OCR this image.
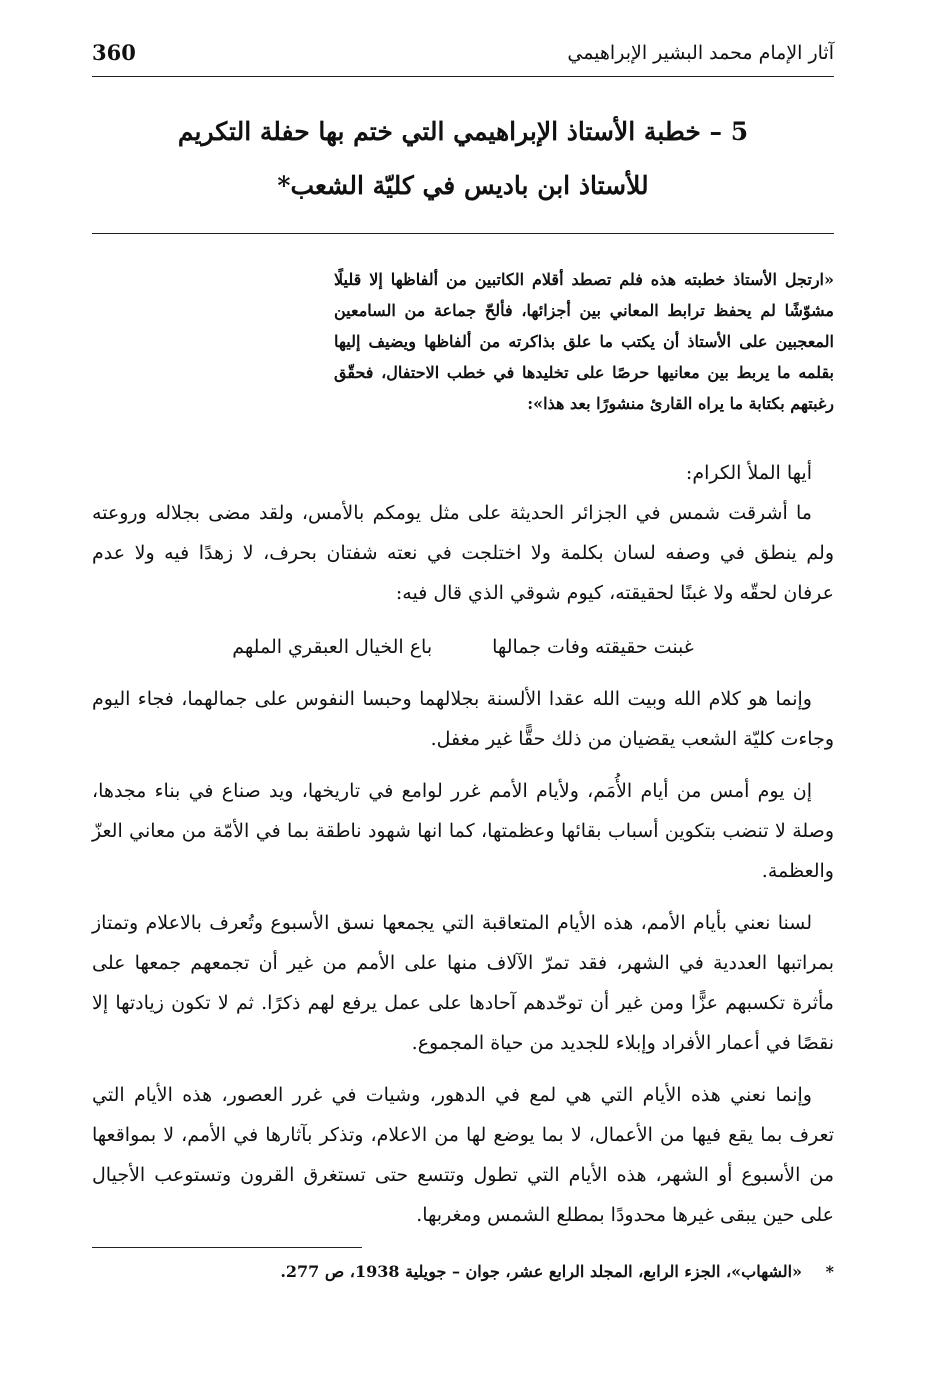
360	آثار الإمام محمد البشير الإبراهيمي
5 – خطبة الأستاذ الإبراهيمي التي ختم بها حفلة التكريم
للأستاذ ابن باديس في كليّة الشعب*

«ارتجل الأستاذ خطبته هذه فلم تصطد أقلام الكاتبين من ألفاظها إلا قليلًا مشوّشًا لم يحفظ ترابط المعاني بين أجزائها، فألحّ جماعة من السامعين المعجبين على الأستاذ أن يكتب ما علق بذاكرته من ألفاظها ويضيف إليها بقلمه ما يربط بين معانيها حرصًا على تخليدها في خطب الاحتفال، فحقّق رغبتهم بكتابة ما يراه القارئ منشورًا بعد هذا»:

أيها الملأ الكرام:

ما أشرقت شمس في الجزائر الحديثة على مثل يومكم بالأمس، ولقد مضى بجلاله وروعته ولم ينطق في وصفه لسان بكلمة ولا اختلجت في نعته شفتان بحرف، لا زهدًا فيه ولا عدم عرفان لحقّه ولا غبنًا لحقيقته، كيوم شوقي الذي قال فيه:

غبنت حقيقته وفات جمالها
باع الخيال العبقري الملهم

وإنما هو كلام الله وبيت الله عقدا الألسنة بجلالهما وحبسا النفوس على جمالهما، فجاء اليوم وجاءت كليّة الشعب يقضيان من ذلك حقًّا غير مغفل.

إن يوم أمس من أيام الأُمَم، ولأيام الأمم غرر لوامع في تاريخها، ويد صناع في بناء مجدها، وصلة لا تنضب بتكوين أسباب بقائها وعظمتها، كما انها شهود ناطقة بما في الأمّة من معاني العزّ والعظمة.

لسنا نعني بأيام الأمم، هذه الأيام المتعاقبة التي يجمعها نسق الأسبوع وتُعرف بالاعلام وتمتاز بمراتبها العددية في الشهر، فقد تمرّ الآلاف منها على الأمم من غير أن تجمعهم جمعها على مأثرة تكسبهم عزًّا ومن غير أن توحّدهم آحادها على عمل يرفع لهم ذكرًا. ثم لا تكون زيادتها إلا نقصًا في أعمار الأفراد وإبلاء للجديد من حياة المجموع.

وإنما نعني هذه الأيام التي هي لمع في الدهور، وشيات في غرر العصور، هذه الأيام التي تعرف بما يقع فيها من الأعمال، لا بما يوضع لها من الاعلام، وتذكر بآثارها في الأمم، لا بمواقعها من الأسبوع أو الشهر، هذه الأيام التي تطول وتتسع حتى تستغرق القرون وتستوعب الأجيال على حين يبقى غيرها محدودًا بمطلع الشمس ومغربها.

* «الشهاب»، الجزء الرابع، المجلد الرابع عشر، جوان – جويلية 1938، ص 277.
